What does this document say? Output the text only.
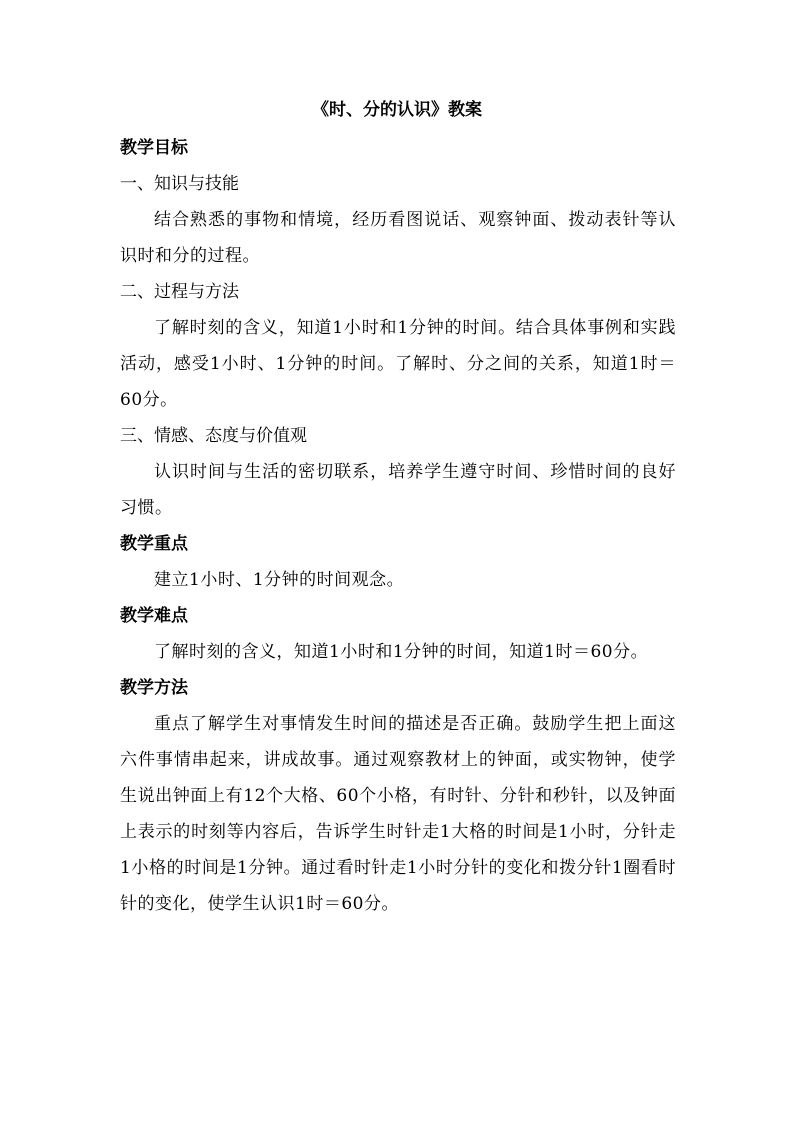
《时、分的认识》教案
教学目标
一、知识与技能
结合熟悉的事物和情境，经历看图说话、观察钟面、拨动表针等认识时和分的过程。
二、过程与方法
了解时刻的含义，知道1小时和1分钟的时间。结合具体事例和实践活动，感受1小时、1分钟的时间。了解时、分之间的关系，知道1时＝60分。
三、情感、态度与价值观
认识时间与生活的密切联系，培养学生遵守时间、珍惜时间的良好习惯。
教学重点
建立1小时、1分钟的时间观念。
教学难点
了解时刻的含义，知道1小时和1分钟的时间，知道1时＝60分。
教学方法
重点了解学生对事情发生时间的描述是否正确。鼓励学生把上面这六件事情串起来，讲成故事。通过观察教材上的钟面，或实物钟，使学生说出钟面上有12个大格、60个小格，有时针、分针和秒针，以及钟面上表示的时刻等内容后，告诉学生时针走1大格的时间是1小时，分针走1小格的时间是1分钟。通过看时针走1小时分针的变化和拨分针1圈看时针的变化，使学生认识1时＝60分。
